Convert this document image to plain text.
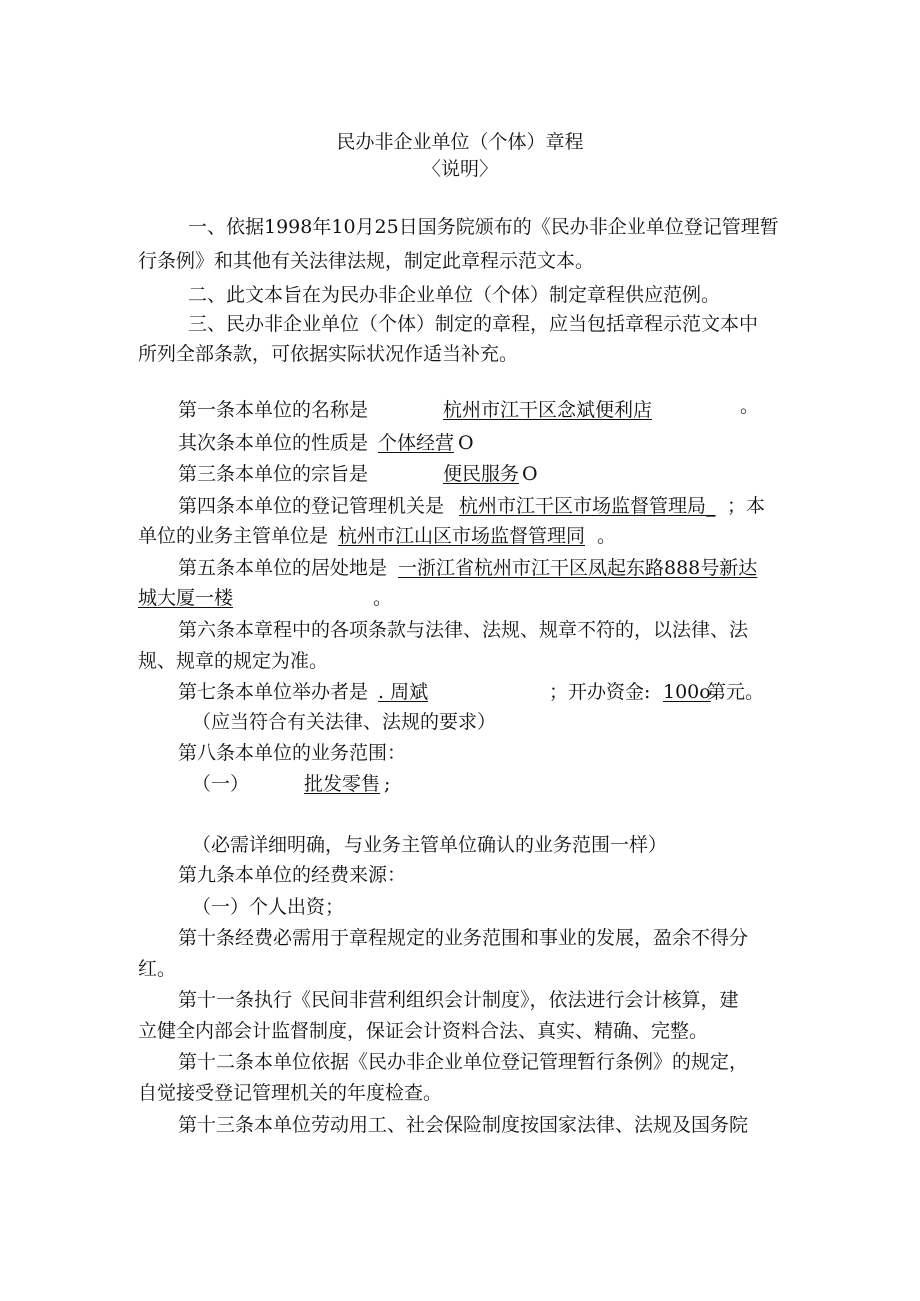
民办非企业单位（个体）章程
〈说明〉
一、依据1998年10月25日国务院颁布的《民办非企业单位登记管理暂
行条例》和其他有关法律法规，制定此章程示范文本。
二、此文本旨在为民办非企业单位（个体）制定章程供应范例。
三、民办非企业单位（个体）制定的章程，应当包括章程示范文本中
所列全部条款，可依据实际状况作适当补充。
第一条本单位的名称是	杭州市江干区念斌便利店	。
其次条本单位的性质是 个体经营 O
第三条本单位的宗旨是	便民服务 O
第四条本单位的登记管理机关是 杭州市江干区市场监督管理局_ ；本
单位的业务主管单位是 杭州市江山区市场监督管理同 。
第五条本单位的居处地是 一浙江省杭州市江干区凤起东路888号新达
城大厦一楼	。
第六条本章程中的各项条款与法律、法规、规章不符的，以法律、法
规、规章的规定为准。
第七条本单位举办者是 . 周斌	；开办资金: 100o
第元。
（应当符合有关法律、法规的要求）
第八条本单位的业务范围：
（一）	批发零售 ;
（必需详细明确，与业务主管单位确认的业务范围一样）
第九条本单位的经费来源：
（一）个人出资；
第十条经费必需用于章程规定的业务范围和事业的发展，盈余不得分
红。
第十一条执行《民间非营利组织会计制度》，依法进行会计核算，建
立健全内部会计监督制度，保证会计资料合法、真实、精确、完整。
第十二条本单位依据《民办非企业单位登记管理暂行条例》的规定，
自觉接受登记管理机关的年度检查。
第十三条本单位劳动用工、社会保险制度按国家法律、法规及国务院
